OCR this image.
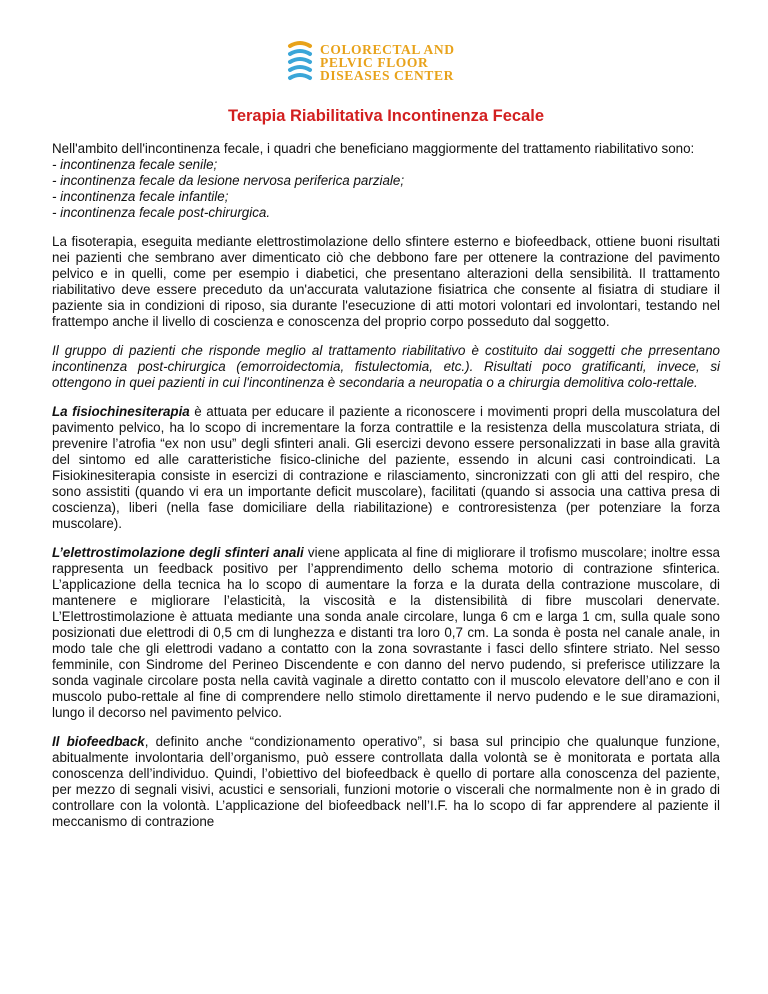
COLORECTAL AND
PELVIC FLOOR
DISEASES CENTER
Terapia Riabilitativa Incontinenza Fecale

Nell'ambito dell'incontinenza fecale, i quadri che beneficiano maggiormente del trattamento riabilitativo sono:

- incontinenza fecale senile;
- incontinenza fecale da lesione nervosa periferica parziale;
- incontinenza fecale infantile;
- incontinenza fecale post-chirurgica.

La fisoterapia, eseguita mediante elettrostimolazione dello sfintere esterno e biofeedback, ottiene buoni risultati nei pazienti che sembrano aver dimenticato ciò che debbono fare per ottenere la contrazione del pavimento pelvico e in quelli, come per esempio i diabetici, che presentano alterazioni della sensibilità. Il trattamento riabilitativo deve essere preceduto da un'accurata valutazione fisiatrica che consente al fisiatra di studiare il paziente sia in condizioni di riposo, sia durante l'esecuzione di atti motori volontari ed involontari, testando nel frattempo anche il livello di coscienza e conoscenza del proprio corpo posseduto dal soggetto.

Il gruppo di pazienti che risponde meglio al trattamento riabilitativo è costituito dai soggetti che prresentano incontinenza post-chirurgica (emorroidectomia, fistulectomia, etc.). Risultati poco gratificanti, invece, si ottengono in quei pazienti in cui l'incontinenza è secondaria a neuropatia o a chirurgia demolitiva colo-rettale.

La fisiochinesiterapia è attuata per educare il paziente a riconoscere i movimenti propri della muscolatura del pavimento pelvico, ha lo scopo di incrementare la forza contrattile e la resistenza della muscolatura striata, di prevenire l’atrofia “ex non usu” degli sfinteri anali. Gli esercizi devono essere personalizzati in base alla gravità del sintomo ed alle caratteristiche fisico-cliniche del paziente, essendo in alcuni casi controindicati. La Fisiokinesiterapia consiste in esercizi di contrazione e rilasciamento, sincronizzati con gli atti del respiro, che sono assistiti (quando vi era un importante deficit muscolare), facilitati (quando si associa una cattiva presa di coscienza), liberi (nella fase domiciliare della riabilitazione) e controresistenza (per potenziare la forza muscolare).

L’elettrostimolazione degli sfinteri anali viene applicata al fine di migliorare il trofismo muscolare; inoltre essa rappresenta un feedback positivo per l’apprendimento dello schema motorio di contrazione sfinterica. L’applicazione della tecnica ha lo scopo di aumentare la forza e la durata della contrazione muscolare, di mantenere e migliorare l’elasticità, la viscosità e la distensibilità di fibre muscolari denervate. L’Elettrostimolazione è attuata mediante una sonda anale circolare, lunga 6 cm e larga 1 cm, sulla quale sono posizionati due elettrodi di 0,5 cm di lunghezza e distanti tra loro 0,7 cm. La sonda è posta nel canale anale, in modo tale che gli elettrodi vadano a contatto con la zona sovrastante i fasci dello sfintere striato. Nel sesso femminile, con Sindrome del Perineo Discendente e con danno del nervo pudendo, si preferisce utilizzare la sonda vaginale circolare posta nella cavità vaginale a diretto contatto con il muscolo elevatore dell’ano e con il muscolo pubo-rettale al fine di comprendere nello stimolo direttamente il nervo pudendo e le sue diramazioni, lungo il decorso nel pavimento pelvico.

Il biofeedback, definito anche “condizionamento operativo”, si basa sul principio che qualunque funzione, abitualmente involontaria dell’organismo, può essere controllata dalla volontà se è monitorata e portata alla conoscenza dell’individuo. Quindi, l’obiettivo del biofeedback è quello di portare alla conoscenza del paziente, per mezzo di segnali visivi, acustici e sensoriali, funzioni motorie o viscerali che normalmente non è in grado di controllare con la volontà. L’applicazione del biofeedback nell’I.F. ha lo scopo di far apprendere al paziente il meccanismo di contrazione
